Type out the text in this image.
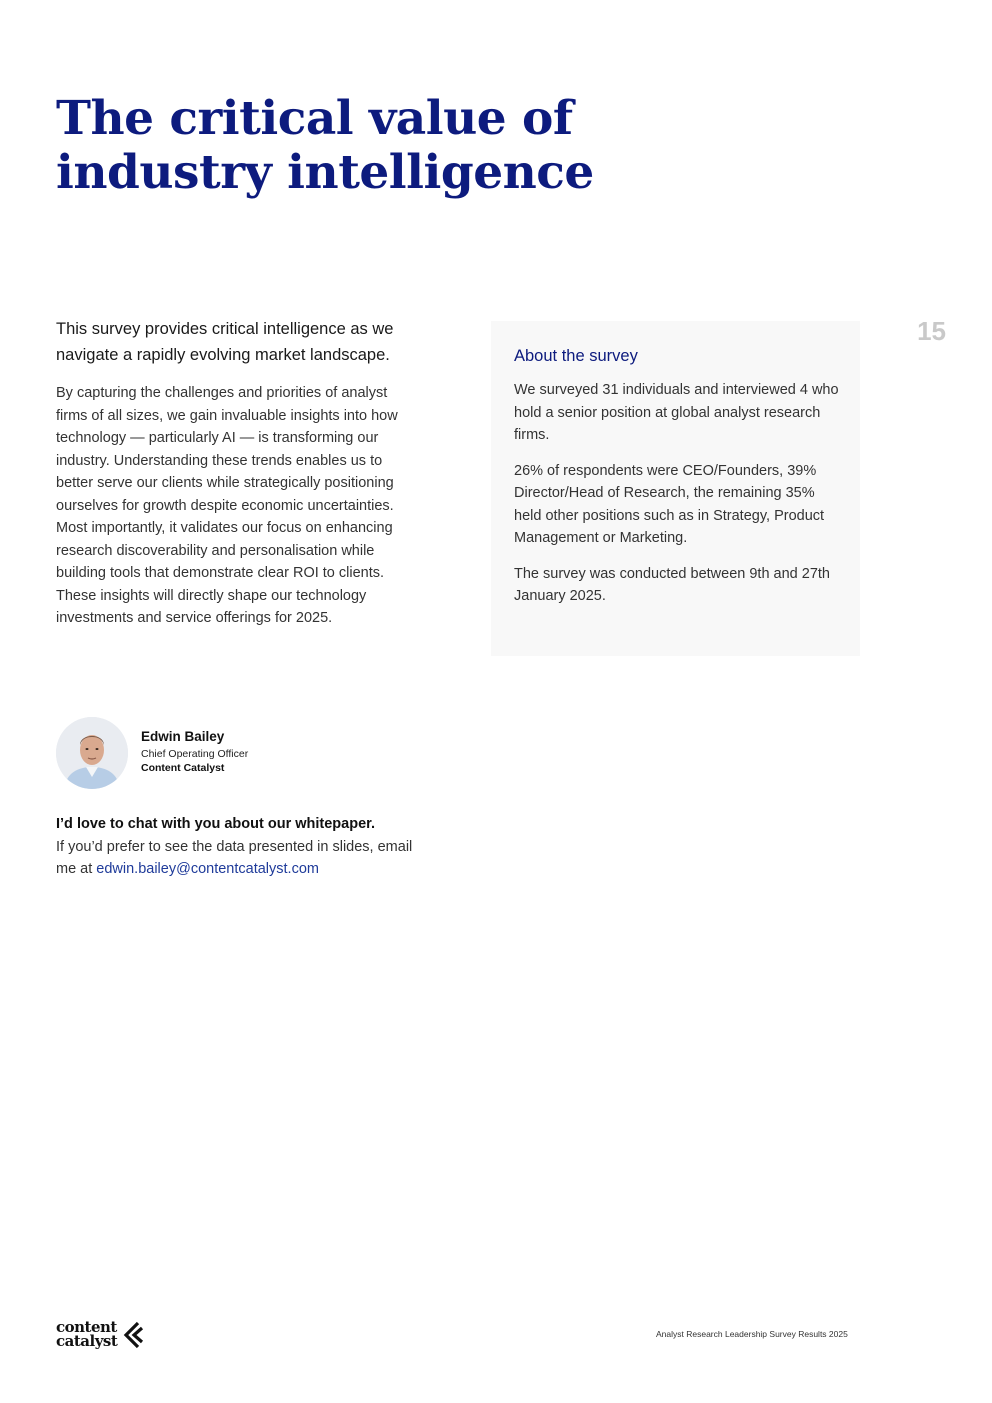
The critical value of
industry intelligence
15

This survey provides critical intelligence as we navigate a rapidly evolving market landscape.

By capturing the challenges and priorities of analyst firms of all sizes, we gain invaluable insights into how technology — particularly AI — is transforming our industry. Understanding these trends enables us to better serve our clients while strategically positioning ourselves for growth despite economic uncertainties. Most importantly, it validates our focus on enhancing research discoverability and personalisation while building tools that demonstrate clear ROI to clients. These insights will directly shape our technology investments and service offerings for 2025.

Edwin Bailey

Chief Operating Officer

Content Catalyst

I’d love to chat with you about our whitepaper.

If you’d prefer to see the data presented in slides, email me at edwin.bailey@contentcatalyst.com

About the survey

We surveyed 31 individuals and interviewed 4 who hold a senior position at global analyst research firms.

26% of respondents were CEO/Founders, 39% Director/Head of Research, the remaining 35% held other positions such as in Strategy, Product Management or Marketing.

The survey was conducted between 9th and 27th January 2025.

content
catalyst	Analyst Research Leadership Survey Results 2025
